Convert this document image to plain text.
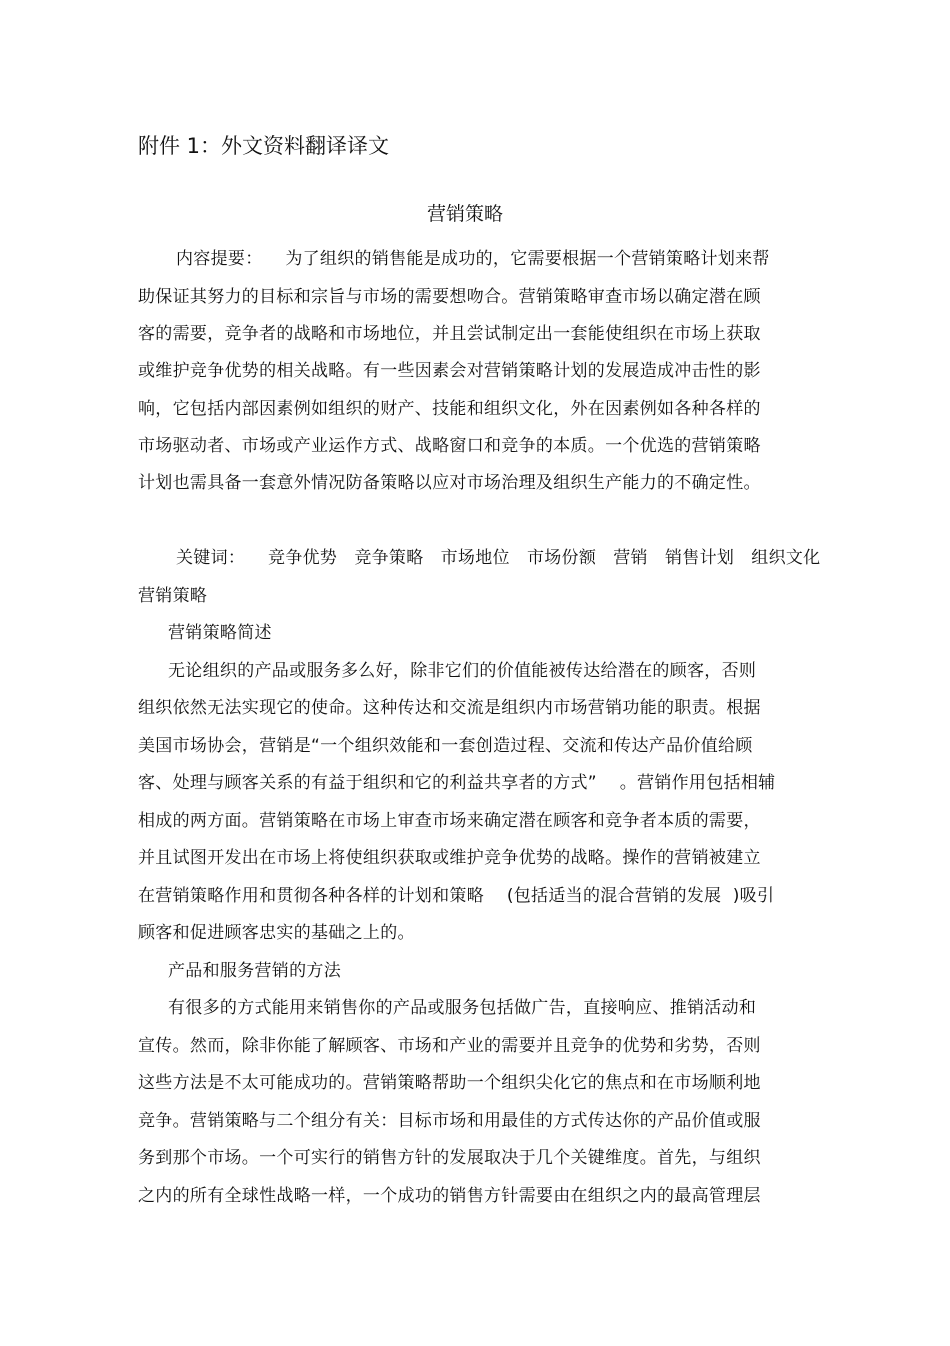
附件 1：外文资料翻译译文
营销策略
内容提要：    为了组织的销售能是成功的，它需要根据一个营销策略计划来帮
助保证其努力的目标和宗旨与市场的需要想吻合。营销策略审查市场以确定潜在顾
客的需要，竞争者的战略和市场地位，并且尝试制定出一套能使组织在市场上获取
或维护竞争优势的相关战略。有一些因素会对营销策略计划的发展造成冲击性的影
响，它包括内部因素例如组织的财产、技能和组织文化，外在因素例如各种各样的
市场驱动者、市场或产业运作方式、战略窗口和竞争的本质。一个优选的营销策略
计划也需具备一套意外情况防备策略以应对市场治理及组织生产能力的不确定性。
关键词：    竞争优势   竞争策略   市场地位   市场份额   营销   销售计划   组织文化
营销策略
营销策略简述
无论组织的产品或服务多么好，除非它们的价值能被传达给潜在的顾客，否则
组织依然无法实现它的使命。这种传达和交流是组织内市场营销功能的职责。根据
美国市场协会，营销是“一个组织效能和一套创造过程、交流和传达产品价值给顾
客、处理与顾客关系的有益于组织和它的利益共享者的方式”    。营销作用包括相辅
相成的两方面。营销策略在市场上审查市场来确定潜在顾客和竞争者本质的需要，
并且试图开发出在市场上将使组织获取或维护竞争优势的战略。操作的营销被建立
在营销策略作用和贯彻各种各样的计划和策略    (包括适当的混合营销的发展  )吸引
顾客和促进顾客忠实的基础之上的。
产品和服务营销的方法
有很多的方式能用来销售你的产品或服务包括做广告，直接响应、推销活动和
宣传。然而，除非你能了解顾客、市场和产业的需要并且竞争的优势和劣势，否则
这些方法是不太可能成功的。营销策略帮助一个组织尖化它的焦点和在市场顺利地
竞争。营销策略与二个组分有关：目标市场和用最佳的方式传达你的产品价值或服
务到那个市场。一个可实行的销售方针的发展取决于几个关键维度。首先，与组织
之内的所有全球性战略一样，一个成功的销售方针需要由在组织之内的最高管理层
